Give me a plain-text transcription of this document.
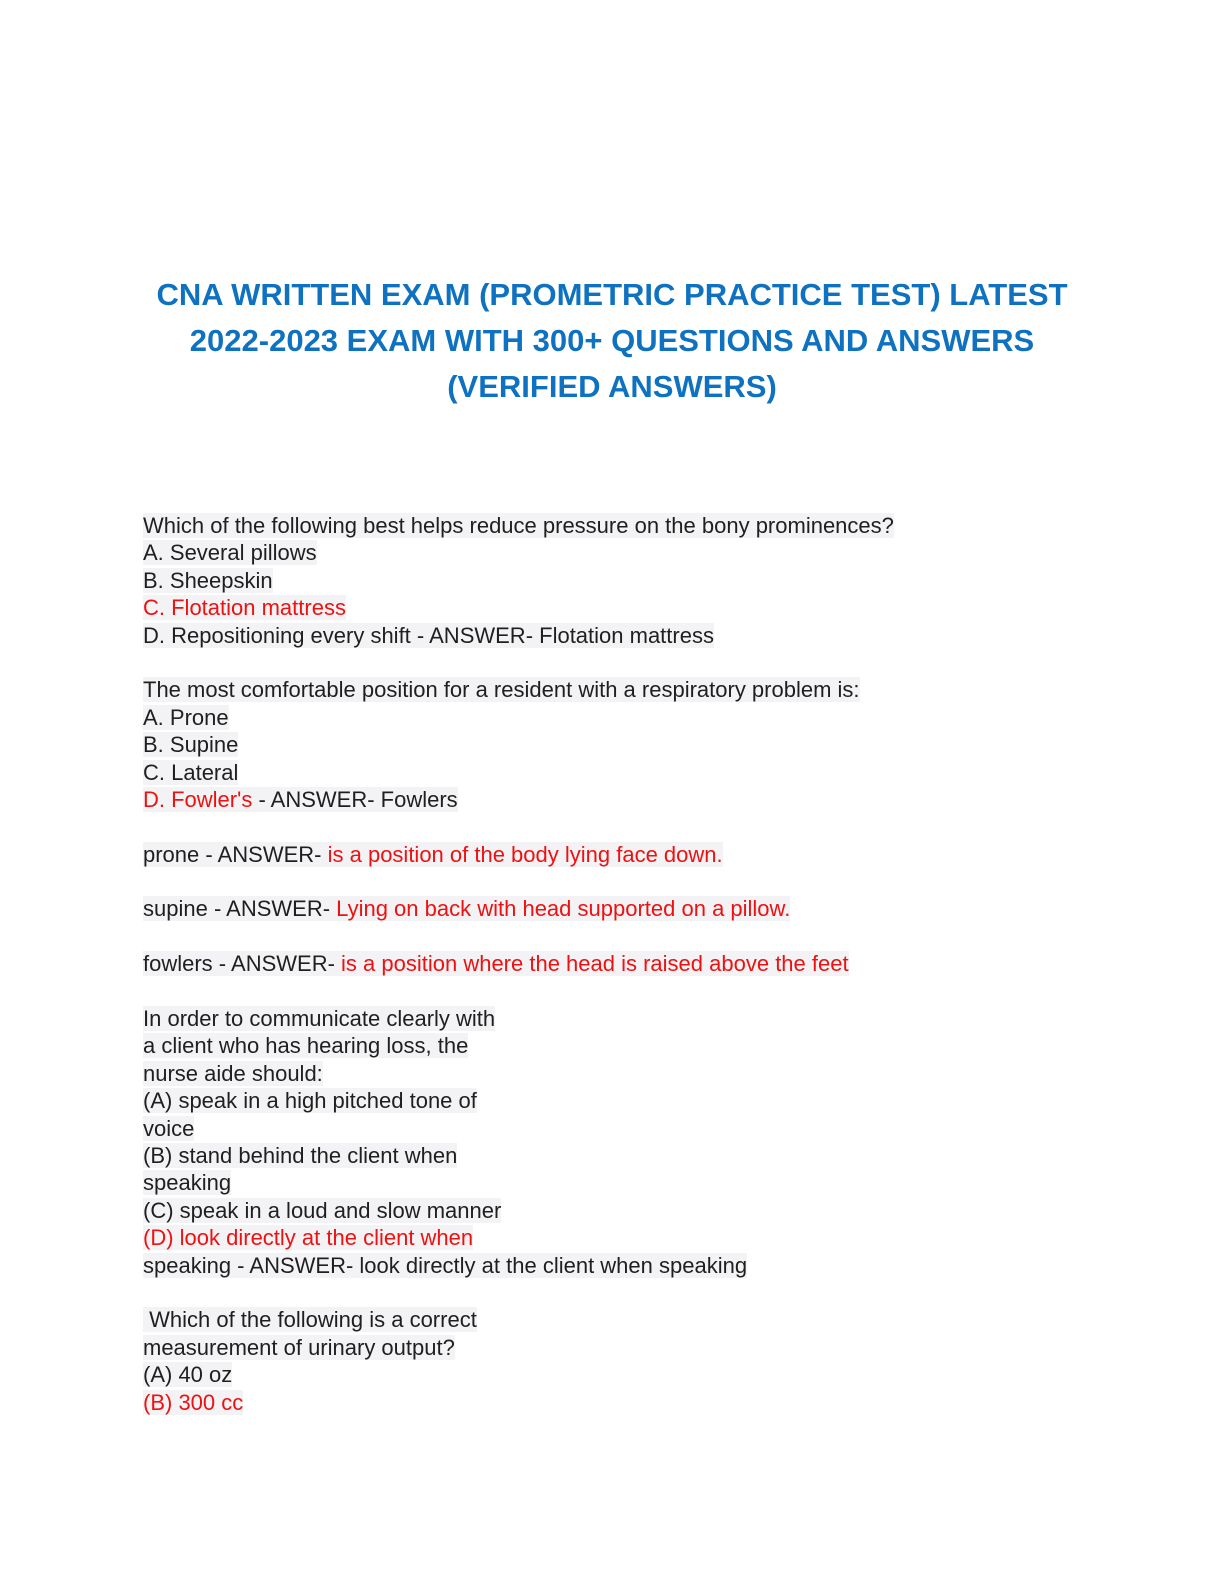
CNA WRITTEN EXAM (PROMETRIC PRACTICE TEST) LATEST
2022-2023 EXAM WITH 300+ QUESTIONS AND ANSWERS
(VERIFIED ANSWERS)
Which of the following best helps reduce pressure on the bony prominences?
A. Several pillows
B. Sheepskin
C. Flotation mattress
D. Repositioning every shift - ANSWER- Flotation mattress
The most comfortable position for a resident with a respiratory problem is:
A. Prone
B. Supine
C. Lateral
D. Fowler's - ANSWER- Fowlers
prone - ANSWER- is a position of the body lying face down.
supine - ANSWER- Lying on back with head supported on a pillow.
fowlers - ANSWER- is a position where the head is raised above the feet
In order to communicate clearly with
a client who has hearing loss, the
nurse aide should:
(A) speak in a high pitched tone of
voice
(B) stand behind the client when
speaking
(C) speak in a loud and slow manner
(D) look directly at the client when
speaking - ANSWER- look directly at the client when speaking
Which of the following is a correct
measurement of urinary output?
(A) 40 oz
(B) 300 cc
